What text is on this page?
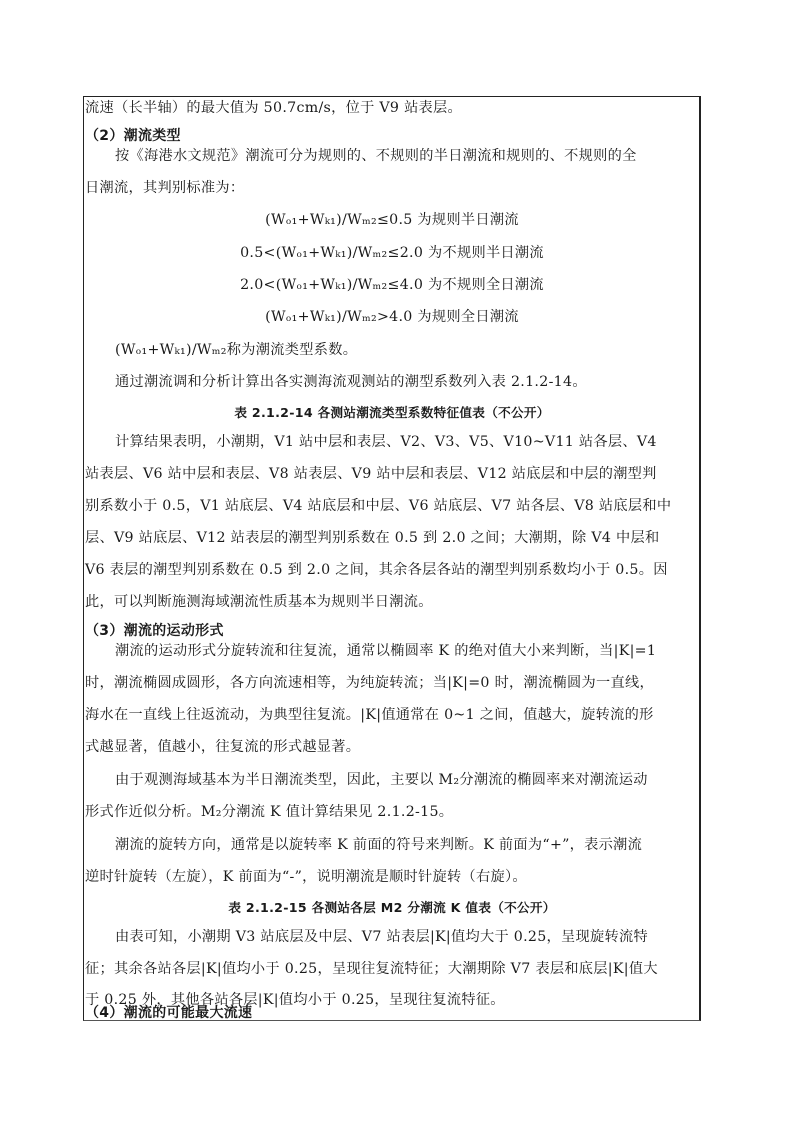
流速（长半轴）的最大值为 50.7cm/s，位于 V9 站表层。
（2）潮流类型
按《海港水文规范》潮流可分为规则的、不规则的半日潮流和规则的、不规则的全
日潮流，其判别标准为：
(Wₒ₁+Wₖ₁)/Wₘ₂≤0.5 为规则半日潮流
0.5<(Wₒ₁+Wₖ₁)/Wₘ₂≤2.0 为不规则半日潮流
2.0<(Wₒ₁+Wₖ₁)/Wₘ₂≤4.0 为不规则全日潮流
(Wₒ₁+Wₖ₁)/Wₘ₂>4.0 为规则全日潮流
(Wₒ₁+Wₖ₁)/Wₘ₂称为潮流类型系数。
通过潮流调和分析计算出各实测海流观测站的潮型系数列入表 2.1.2-14。
表 2.1.2-14 各测站潮流类型系数特征值表（不公开）
计算结果表明，小潮期，V1 站中层和表层、V2、V3、V5、V10~V11 站各层、V4
站表层、V6 站中层和表层、V8 站表层、V9 站中层和表层、V12 站底层和中层的潮型判
别系数小于 0.5，V1 站底层、V4 站底层和中层、V6 站底层、V7 站各层、V8 站底层和中
层、V9 站底层、V12 站表层的潮型判别系数在 0.5 到 2.0 之间；大潮期，除 V4 中层和
V6 表层的潮型判别系数在 0.5 到 2.0 之间，其余各层各站的潮型判别系数均小于 0.5。因
此，可以判断施测海域潮流性质基本为规则半日潮流。
（3）潮流的运动形式
潮流的运动形式分旋转流和往复流，通常以椭圆率 K 的绝对值大小来判断，当|K|=1
时，潮流椭圆成圆形，各方向流速相等，为纯旋转流；当|K|=0 时，潮流椭圆为一直线，
海水在一直线上往返流动，为典型往复流。|K|值通常在 0~1 之间，值越大，旋转流的形
式越显著，值越小，往复流的形式越显著。
由于观测海域基本为半日潮流类型，因此，主要以 M₂分潮流的椭圆率来对潮流运动
形式作近似分析。M₂分潮流 K 值计算结果见 2.1.2-15。
潮流的旋转方向，通常是以旋转率 K 前面的符号来判断。K 前面为“+”，表示潮流
逆时针旋转（左旋），K 前面为“-”，说明潮流是顺时针旋转（右旋）。
表 2.1.2-15 各测站各层 M2 分潮流 K 值表（不公开）
由表可知，小潮期 V3 站底层及中层、V7 站表层|K|值均大于 0.25，呈现旋转流特
征；其余各站各层|K|值均小于 0.25，呈现往复流特征；大潮期除 V7 表层和底层|K|值大
于 0.25 外，其他各站各层|K|值均小于 0.25，呈现往复流特征。
（4）潮流的可能最大流速
